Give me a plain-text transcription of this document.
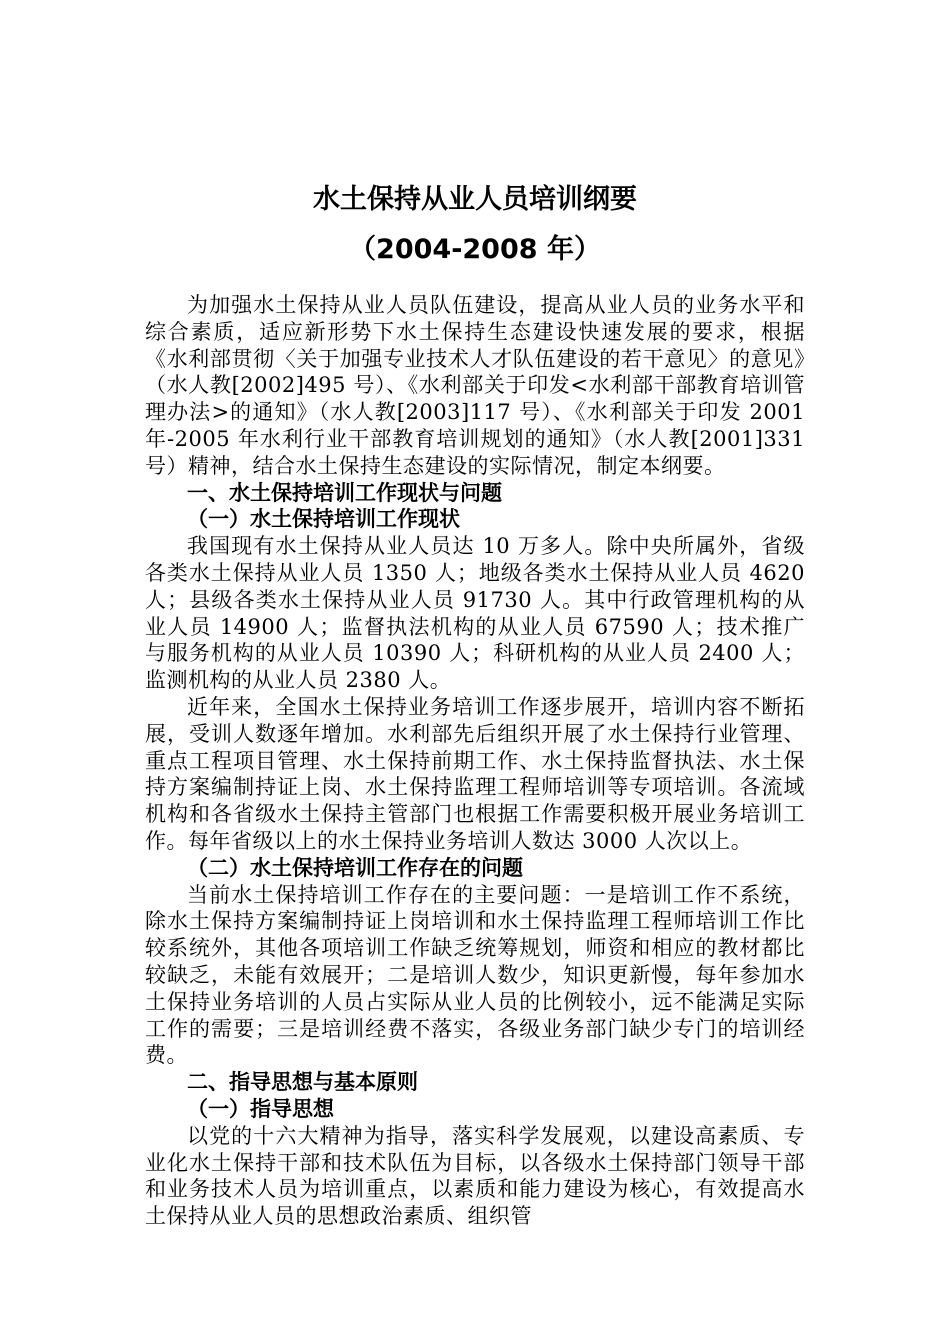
水土保持从业人员培训纲要
（2004-2008 年）

为加强水土保持从业人员队伍建设，提高从业人员的业务水平和综合素质，适应新形势下水土保持生态建设快速发展的要求，根据《水利部贯彻〈关于加强专业技术人才队伍建设的若干意见〉的意见》（水人教[2002]495 号）、《水利部关于印发<水利部干部教育培训管理办法>的通知》（水人教[2003]117 号）、《水利部关于印发 2001 年-2005 年水利行业干部教育培训规划的通知》（水人教[2001]331 号）精神，结合水土保持生态建设的实际情况，制定本纲要。

一、水土保持培训工作现状与问题

（一）水土保持培训工作现状

我国现有水土保持从业人员达 10 万多人。除中央所属外，省级各类水土保持从业人员 1350 人；地级各类水土保持从业人员 4620 人；县级各类水土保持从业人员 91730 人。其中行政管理机构的从业人员 14900 人；监督执法机构的从业人员 67590 人；技术推广与服务机构的从业人员 10390 人；科研机构的从业人员 2400 人；监测机构的从业人员 2380 人。

近年来，全国水土保持业务培训工作逐步展开，培训内容不断拓展，受训人数逐年增加。水利部先后组织开展了水土保持行业管理、重点工程项目管理、水土保持前期工作、水土保持监督执法、水土保持方案编制持证上岗、水土保持监理工程师培训等专项培训。各流域机构和各省级水土保持主管部门也根据工作需要积极开展业务培训工作。每年省级以上的水土保持业务培训人数达 3000 人次以上。

（二）水土保持培训工作存在的问题

当前水土保持培训工作存在的主要问题：一是培训工作不系统，除水土保持方案编制持证上岗培训和水土保持监理工程师培训工作比较系统外，其他各项培训工作缺乏统筹规划，师资和相应的教材都比较缺乏，未能有效展开；二是培训人数少，知识更新慢，每年参加水土保持业务培训的人员占实际从业人员的比例较小，远不能满足实际工作的需要；三是培训经费不落实，各级业务部门缺少专门的培训经费。

二、指导思想与基本原则

（一）指导思想

以党的十六大精神为指导，落实科学发展观，以建设高素质、专业化水土保持干部和技术队伍为目标，以各级水土保持部门领导干部和业务技术人员为培训重点，以素质和能力建设为核心，有效提高水土保持从业人员的思想政治素质、组织管
